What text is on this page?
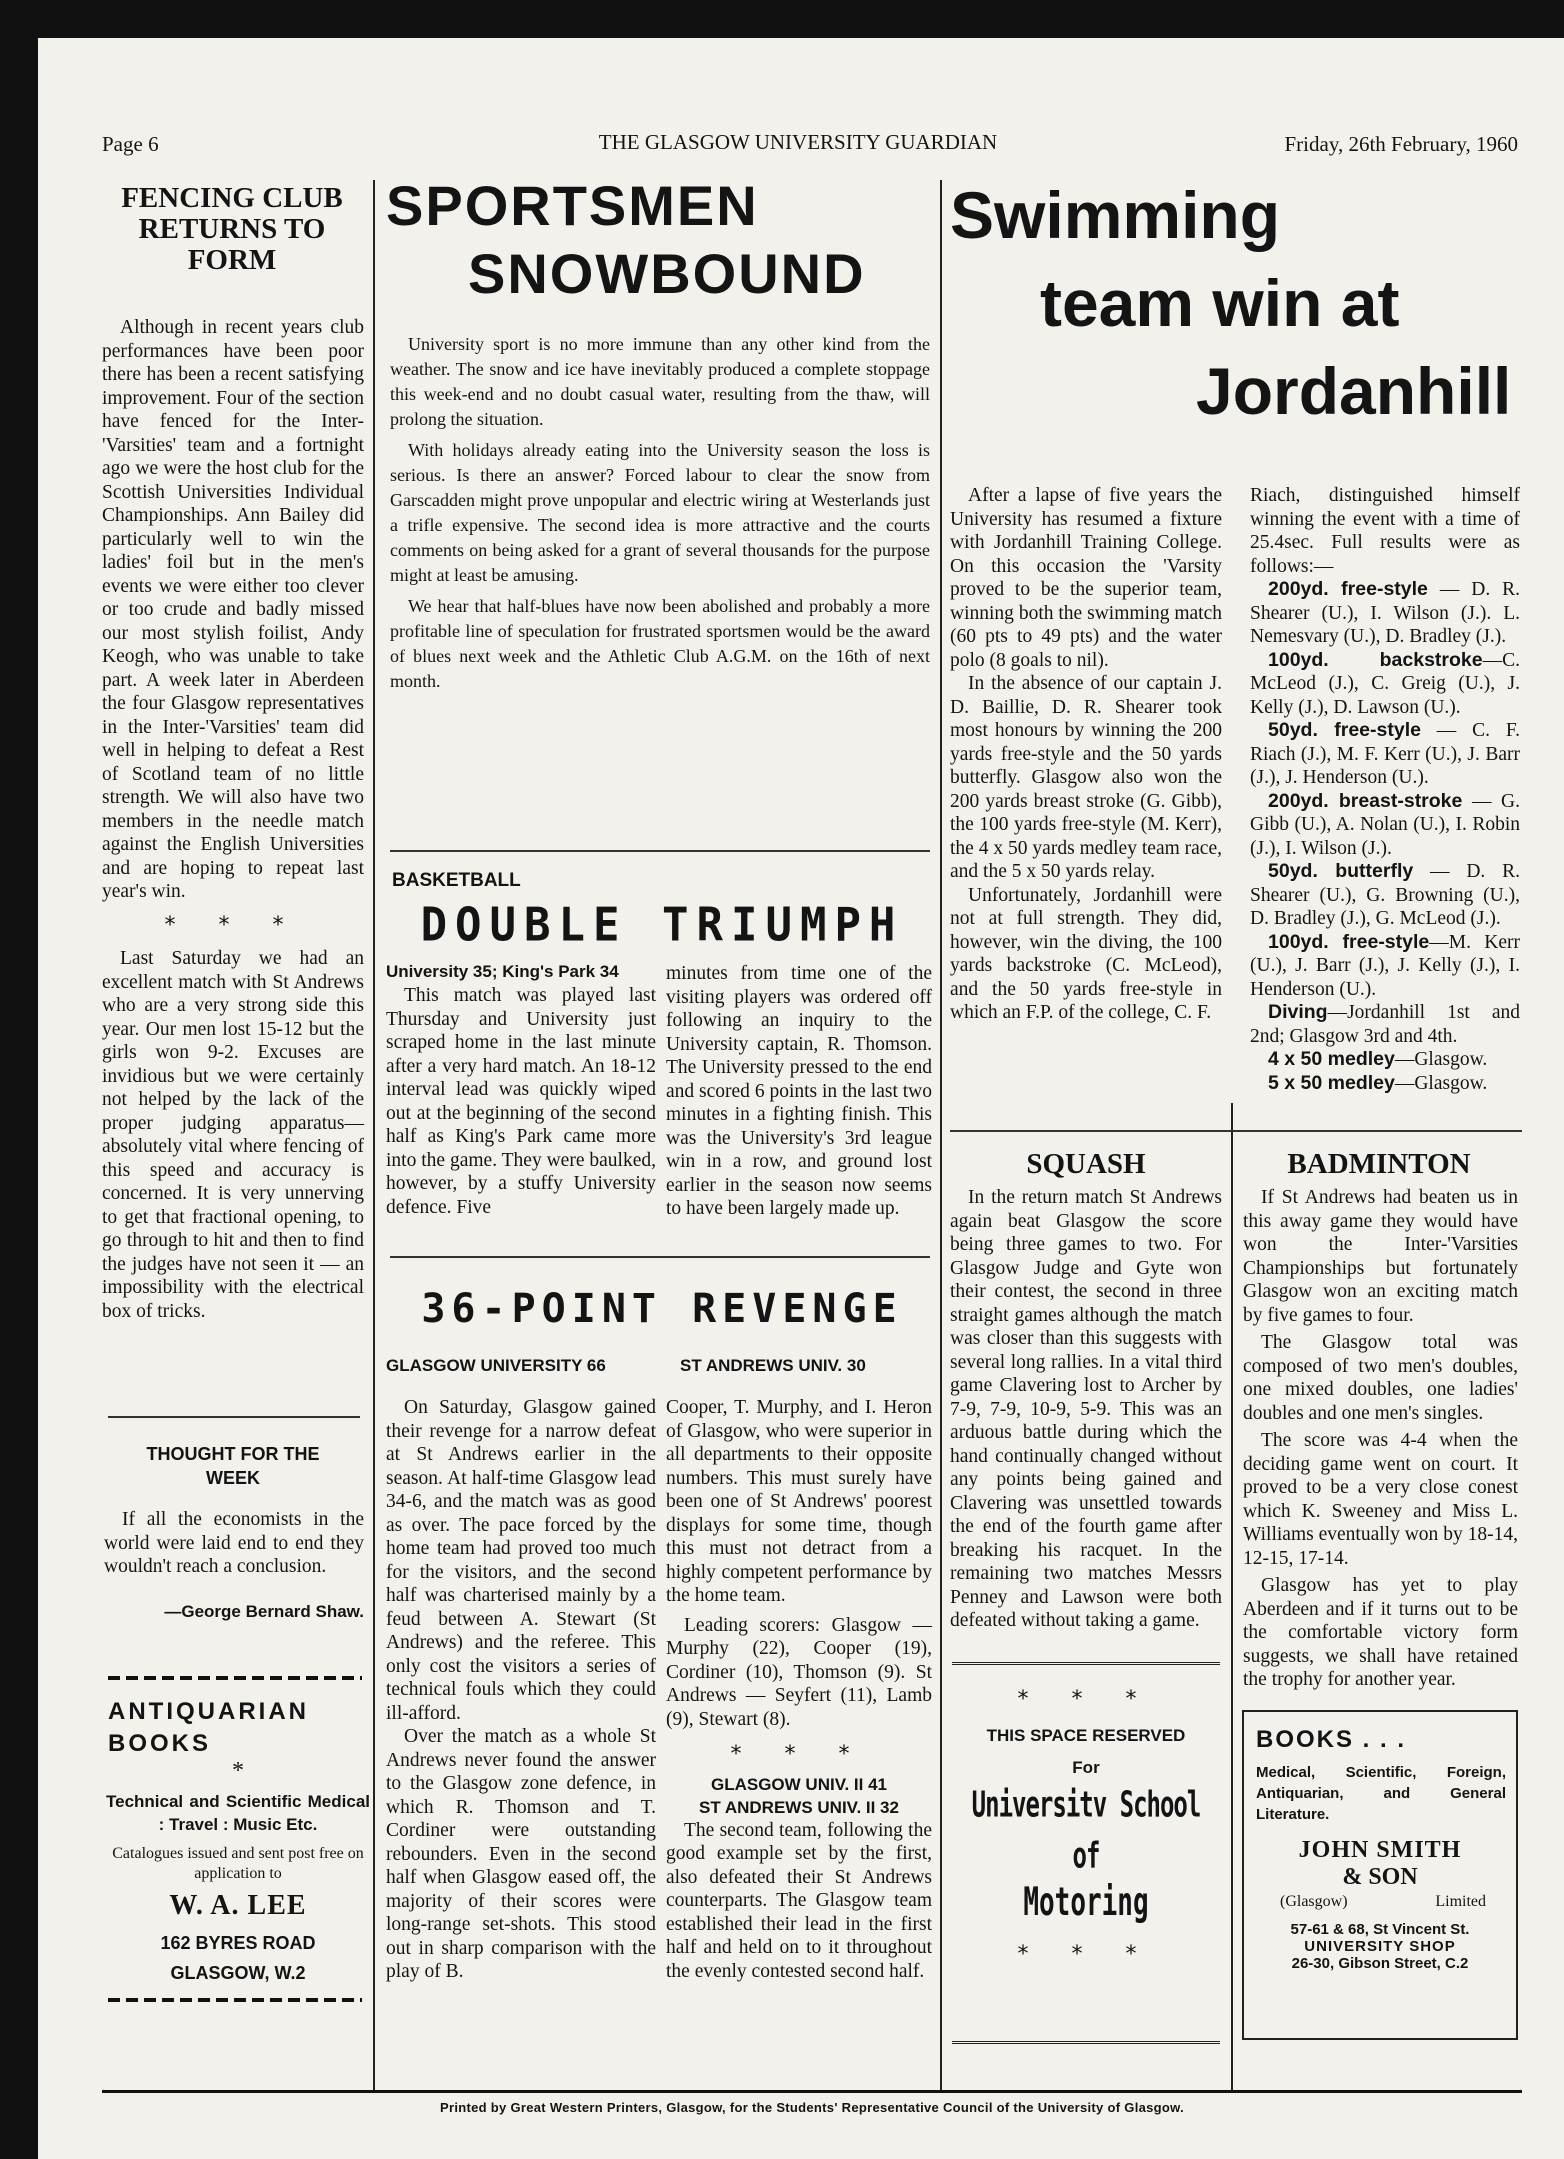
Page 6	THE GLASGOW UNIVERSITY GUARDIAN	Friday, 26th February, 1960
FENCING CLUB RETURNS TO FORM

Although in recent years club performances have been poor there has been a recent satisfying improvement. Four of the section have fenced for the Inter-'Varsities' team and a fortnight ago we were the host club for the Scottish Universities Individual Championships. Ann Bailey did particularly well to win the ladies' foil but in the men's events we were either too clever or too crude and badly missed our most stylish foilist, Andy Keogh, who was unable to take part. A week later in Aberdeen the four Glasgow representatives in the Inter-'Varsities' team did well in helping to defeat a Rest of Scotland team of no little strength. We will also have two members in the needle match against the English Universities and are hoping to repeat last year's win.

* * *

Last Saturday we had an excellent match with St Andrews who are a very strong side this year. Our men lost 15-12 but the girls won 9-2. Excuses are invidious but we were certainly not helped by the lack of the proper judging apparatus—absolutely vital where fencing of this speed and accuracy is concerned. It is very unnerving to get that fractional opening, to go through to hit and then to find the judges have not seen it — an impossibility with the electrical box of tricks.

THOUGHT FOR THE WEEK

If all the economists in the world were laid end to end they wouldn't reach a conclusion.

—George Bernard Shaw.
ANTIQUARIAN BOOKS
*
Technical and Scientific Medical : Travel : Music Etc.
Catalogues issued and sent post free on application to
W. A. LEE
162 BYRES ROAD
GLASGOW, W.2
SPORTSMEN
SNOWBOUND

University sport is no more immune than any other kind from the weather. The snow and ice have inevitably produced a complete stoppage this week-end and no doubt casual water, resulting from the thaw, will prolong the situation.

With holidays already eating into the University season the loss is serious. Is there an answer? Forced labour to clear the snow from Garscadden might prove unpopular and electric wiring at Westerlands just a trifle expensive. The second idea is more attractive and the courts comments on being asked for a grant of several thousands for the purpose might at least be amusing.

We hear that half-blues have now been abolished and probably a more profitable line of speculation for frustrated sportsmen would be the award of blues next week and the Athletic Club A.G.M. on the 16th of next month.

BASKETBALL
DOUBLE TRIUMPH
University 35; King's Park 34

This match was played last Thursday and University just scraped home in the last minute after a very hard match. An 18-12 interval lead was quickly wiped out at the beginning of the second half as King's Park came more into the game. They were baulked, however, by a stuffy University defence. Five

minutes from time one of the visiting players was ordered off following an inquiry to the University captain, R. Thomson. The University pressed to the end and scored 6 points in the last two minutes in a fighting finish. This was the University's 3rd league win in a row, and ground lost earlier in the season now seems to have been largely made up.
36-POINT REVENGE
GLASGOW UNIVERSITY 66	ST ANDREWS UNIV. 30

On Saturday, Glasgow gained their revenge for a narrow defeat at St Andrews earlier in the season. At half-time Glasgow lead 34-6, and the match was as good as over. The pace forced by the home team had proved too much for the visitors, and the second half was charterised mainly by a feud between A. Stewart (St Andrews) and the referee. This only cost the visitors a series of technical fouls which they could ill-afford.

Over the match as a whole St Andrews never found the answer to the Glasgow zone defence, in which R. Thomson and T. Cordiner were outstanding rebounders. Even in the second half when Glasgow eased off, the majority of their scores were long-range set-shots. This stood out in sharp comparison with the play of B.

Cooper, T. Murphy, and I. Heron of Glasgow, who were superior in all departments to their opposite numbers. This must surely have been one of St Andrews' poorest displays for some time, though this must not detract from a highly competent performance by the home team.

Leading scorers: Glasgow —Murphy (22), Cooper (19), Cordiner (10), Thomson (9). St Andrews — Seyfert (11), Lamb (9), Stewart (8).

* * *
GLASGOW UNIV. II 41
ST ANDREWS UNIV. II 32

The second team, following the good example set by the first, also defeated their St Andrews counterparts. The Glasgow team established their lead in the first half and held on to it throughout the evenly contested second half.

Swimming
team win at
Jordanhill

After a lapse of five years the University has resumed a fixture with Jordanhill Training College. On this occasion the 'Varsity proved to be the superior team, winning both the swimming match (60 pts to 49 pts) and the water polo (8 goals to nil).

In the absence of our captain J. D. Baillie, D. R. Shearer took most honours by winning the 200 yards free-style and the 50 yards butterfly. Glasgow also won the 200 yards breast stroke (G. Gibb), the 100 yards free-style (M. Kerr), the 4 x 50 yards medley team race, and the 5 x 50 yards relay.

Unfortunately, Jordanhill were not at full strength. They did, however, win the diving, the 100 yards backstroke (C. McLeod), and the 50 yards free-style in which an F.P. of the college, C. F.

Riach, distinguished himself winning the event with a time of 25.4sec. Full results were as follows:—
200yd. free-style — D. R. Shearer (U.), I. Wilson (J.). L. Nemesvary (U.), D. Bradley (J.).
100yd. backstroke—C. McLeod (J.), C. Greig (U.), J. Kelly (J.), D. Lawson (U.).
50yd. free-style — C. F. Riach (J.), M. F. Kerr (U.), J. Barr (J.), J. Henderson (U.).
200yd. breast-stroke — G. Gibb (U.), A. Nolan (U.), I. Robin (J.), I. Wilson (J.).
50yd. butterfly — D. R. Shearer (U.), G. Browning (U.), D. Bradley (J.), G. McLeod (J.).
100yd. free-style—M. Kerr (U.), J. Barr (J.), J. Kelly (J.), I. Henderson (U.).
Diving—Jordanhill 1st and 2nd; Glasgow 3rd and 4th.
4 x 50 medley—Glasgow.
5 x 50 medley—Glasgow.
SQUASH

In the return match St Andrews again beat Glasgow the score being three games to two. For Glasgow Judge and Gyte won their contest, the second in three straight games although the match was closer than this suggests with several long rallies. In a vital third game Clavering lost to Archer by 7-9, 7-9, 10-9, 5-9. This was an arduous battle during which the hand continually changed without any points being gained and Clavering was unsettled towards the end of the fourth game after breaking his racquet. In the remaining two matches Messrs Penney and Lawson were both defeated without taking a game.

BADMINTON

If St Andrews had beaten us in this away game they would have won the Inter-'Varsities Championships but fortunately Glasgow won an exciting match by five games to four.

The Glasgow total was composed of two men's doubles, one mixed doubles, one ladies' doubles and one men's singles.

The score was 4-4 when the deciding game went on court. It proved to be a very close conest which K. Sweeney and Miss L. Williams eventually won by 18-14, 12-15, 17-14.

Glasgow has yet to play Aberdeen and if it turns out to be the comfortable victory form suggests, we shall have retained the trophy for another year.

* * *
THIS SPACE RESERVED
For
Universitv School of
Motoring
* * *
BOOKS . . .
Medical, Scientific, Foreign, Antiquarian, and General Literature.
JOHN SMITH
& SON
(Glasgow)	Limited
57-61 & 68, St Vincent St.
UNIVERSITY SHOP
26-30, Gibson Street, C.2
Printed by Great Western Printers, Glasgow, for the Students' Representative Council of the University of Glasgow.
